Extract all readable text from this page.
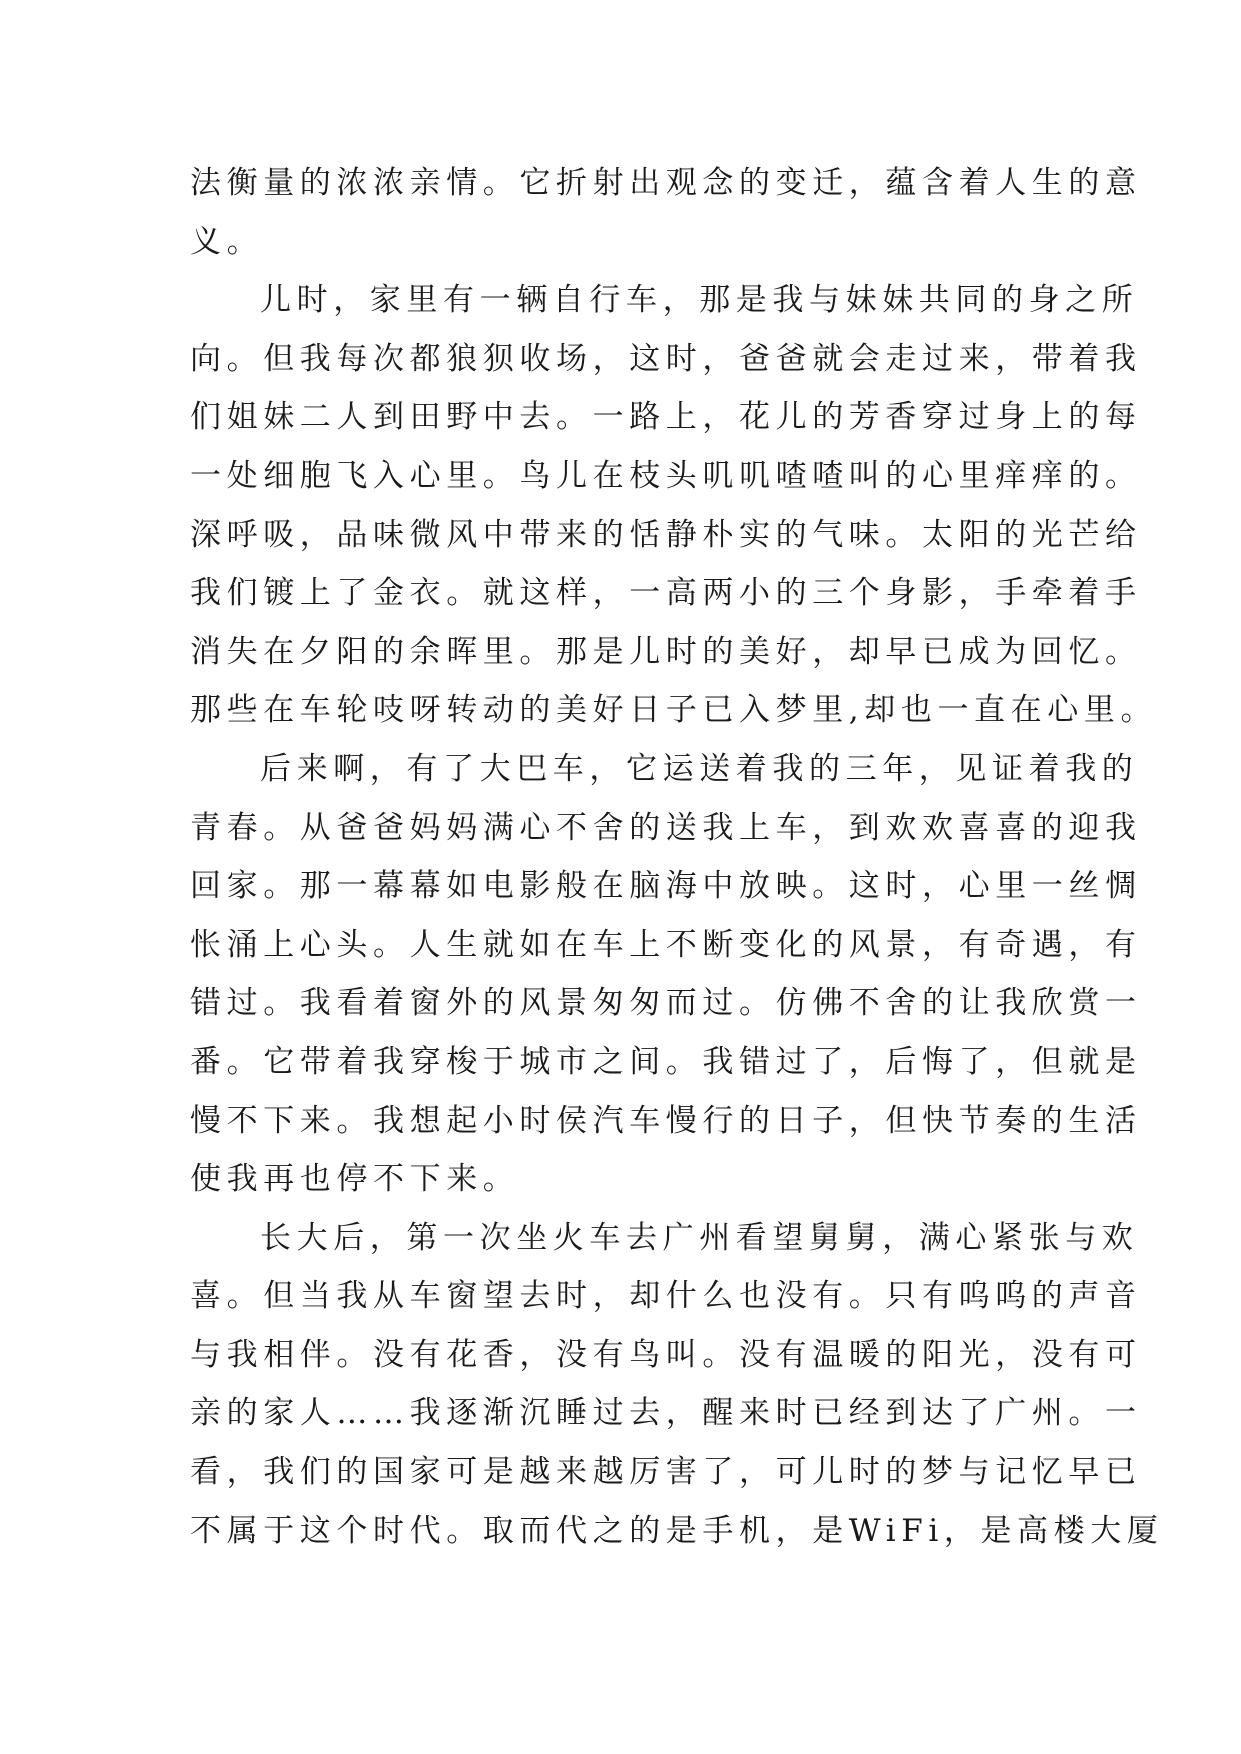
法衡量的浓浓亲情。它折射出观念的变迁，蕴含着人生的意
义。
儿时，家里有一辆自行车，那是我与妹妹共同的身之所
向。但我每次都狼狈收场，这时，爸爸就会走过来，带着我
们姐妹二人到田野中去。一路上，花儿的芳香穿过身上的每
一处细胞飞入心里。鸟儿在枝头叽叽喳喳叫的心里痒痒的。
深呼吸，品味微风中带来的恬静朴实的气味。太阳的光芒给
我们镀上了金衣。就这样，一高两小的三个身影，手牵着手
消失在夕阳的余晖里。那是儿时的美好，却早已成为回忆。
那些在车轮吱呀转动的美好日子已入梦里,却也一直在心里。
后来啊，有了大巴车，它运送着我的三年，见证着我的
青春。从爸爸妈妈满心不舍的送我上车，到欢欢喜喜的迎我
回家。那一幕幕如电影般在脑海中放映。这时，心里一丝惆
怅涌上心头。人生就如在车上不断变化的风景，有奇遇，有
错过。我看着窗外的风景匆匆而过。仿佛不舍的让我欣赏一
番。它带着我穿梭于城市之间。我错过了，后悔了，但就是
慢不下来。我想起小时侯汽车慢行的日子，但快节奏的生活
使我再也停不下来。
长大后，第一次坐火车去广州看望舅舅，满心紧张与欢
喜。但当我从车窗望去时，却什么也没有。只有呜呜的声音
与我相伴。没有花香，没有鸟叫。没有温暖的阳光，没有可
亲的家人……我逐渐沉睡过去，醒来时已经到达了广州。一
看，我们的国家可是越来越厉害了，可儿时的梦与记忆早已
不属于这个时代。取而代之的是手机，是WiFi，是高楼大厦
